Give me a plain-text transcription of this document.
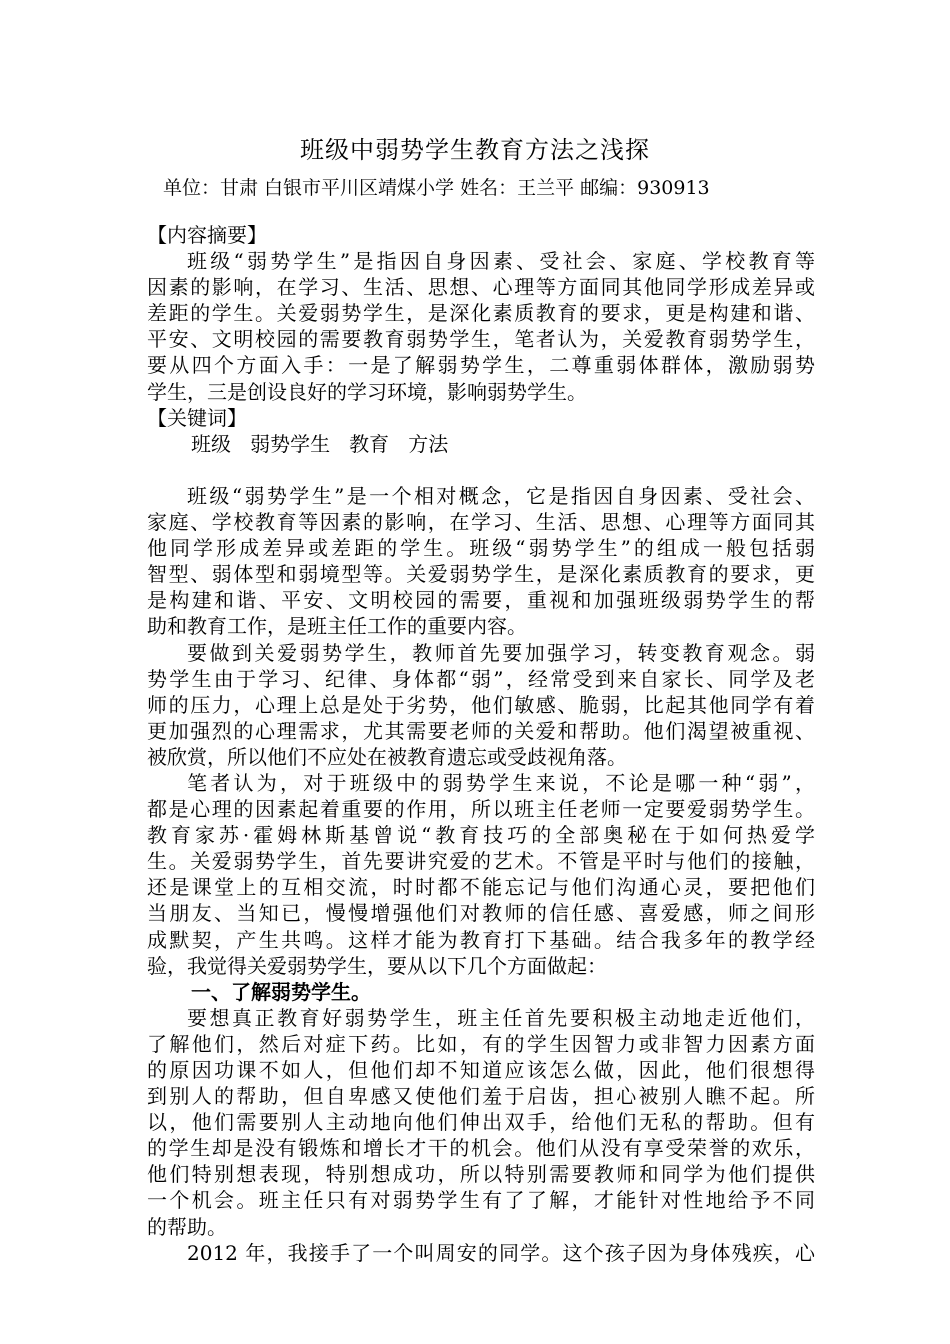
班级中弱势学生教育方法之浅探
单位：甘肃 白银市平川区靖煤小学 姓名：王兰平 邮编：930913
【内容摘要】
班级“弱势学生”是指因自身因素、受社会、家庭、学校教育等
因素的影响，在学习、生活、思想、心理等方面同其他同学形成差异或
差距的学生。关爱弱势学生，是深化素质教育的要求，更是构建和谐、
平安、文明校园的需要教育弱势学生，笔者认为，关爱教育弱势学生，
要从四个方面入手：一是了解弱势学生，二尊重弱体群体，激励弱势
学生，三是创设良好的学习环境，影响弱势学生。
【关键词】
班级   弱势学生   教育   方法
班级“弱势学生”是一个相对概念，它是指因自身因素、受社会、
家庭、学校教育等因素的影响，在学习、生活、思想、心理等方面同其
他同学形成差异或差距的学生。班级“弱势学生”的组成一般包括弱
智型、弱体型和弱境型等。关爱弱势学生，是深化素质教育的要求，更
是构建和谐、平安、文明校园的需要，重视和加强班级弱势学生的帮
助和教育工作，是班主任工作的重要内容。
要做到关爱弱势学生，教师首先要加强学习，转变教育观念。弱
势学生由于学习、纪律、身体都“弱”，经常受到来自家长、同学及老
师的压力，心理上总是处于劣势，他们敏感、脆弱，比起其他同学有着
更加强烈的心理需求，尤其需要老师的关爱和帮助。他们渴望被重视、
被欣赏，所以他们不应处在被教育遗忘或受歧视角落。
笔者认为，对于班级中的弱势学生来说，不论是哪一种“弱”，
都是心理的因素起着重要的作用，所以班主任老师一定要爱弱势学生。
教育家苏·霍姆林斯基曾说“教育技巧的全部奥秘在于如何热爱学
生。关爱弱势学生，首先要讲究爱的艺术。不管是平时与他们的接触，
还是课堂上的互相交流，时时都不能忘记与他们沟通心灵，要把他们
当朋友、当知已，慢慢增强他们对教师的信任感、喜爱感，师之间形
成默契，产生共鸣。这样才能为教育打下基础。结合我多年的教学经
验，我觉得关爱弱势学生，要从以下几个方面做起：
一、了解弱势学生。
要想真正教育好弱势学生，班主任首先要积极主动地走近他们，
了解他们，然后对症下药。比如，有的学生因智力或非智力因素方面
的原因功课不如人，但他们却不知道应该怎么做，因此，他们很想得
到别人的帮助，但自卑感又使他们羞于启齿，担心被别人瞧不起。所
以，他们需要别人主动地向他们伸出双手，给他们无私的帮助。但有
的学生却是没有锻炼和增长才干的机会。他们从没有享受荣誉的欢乐，
他们特别想表现，特别想成功，所以特别需要教师和同学为他们提供
一个机会。班主任只有对弱势学生有了了解，才能针对性地给予不同
的帮助。
2012 年，我接手了一个叫周安的同学。这个孩子因为身体残疾，心
